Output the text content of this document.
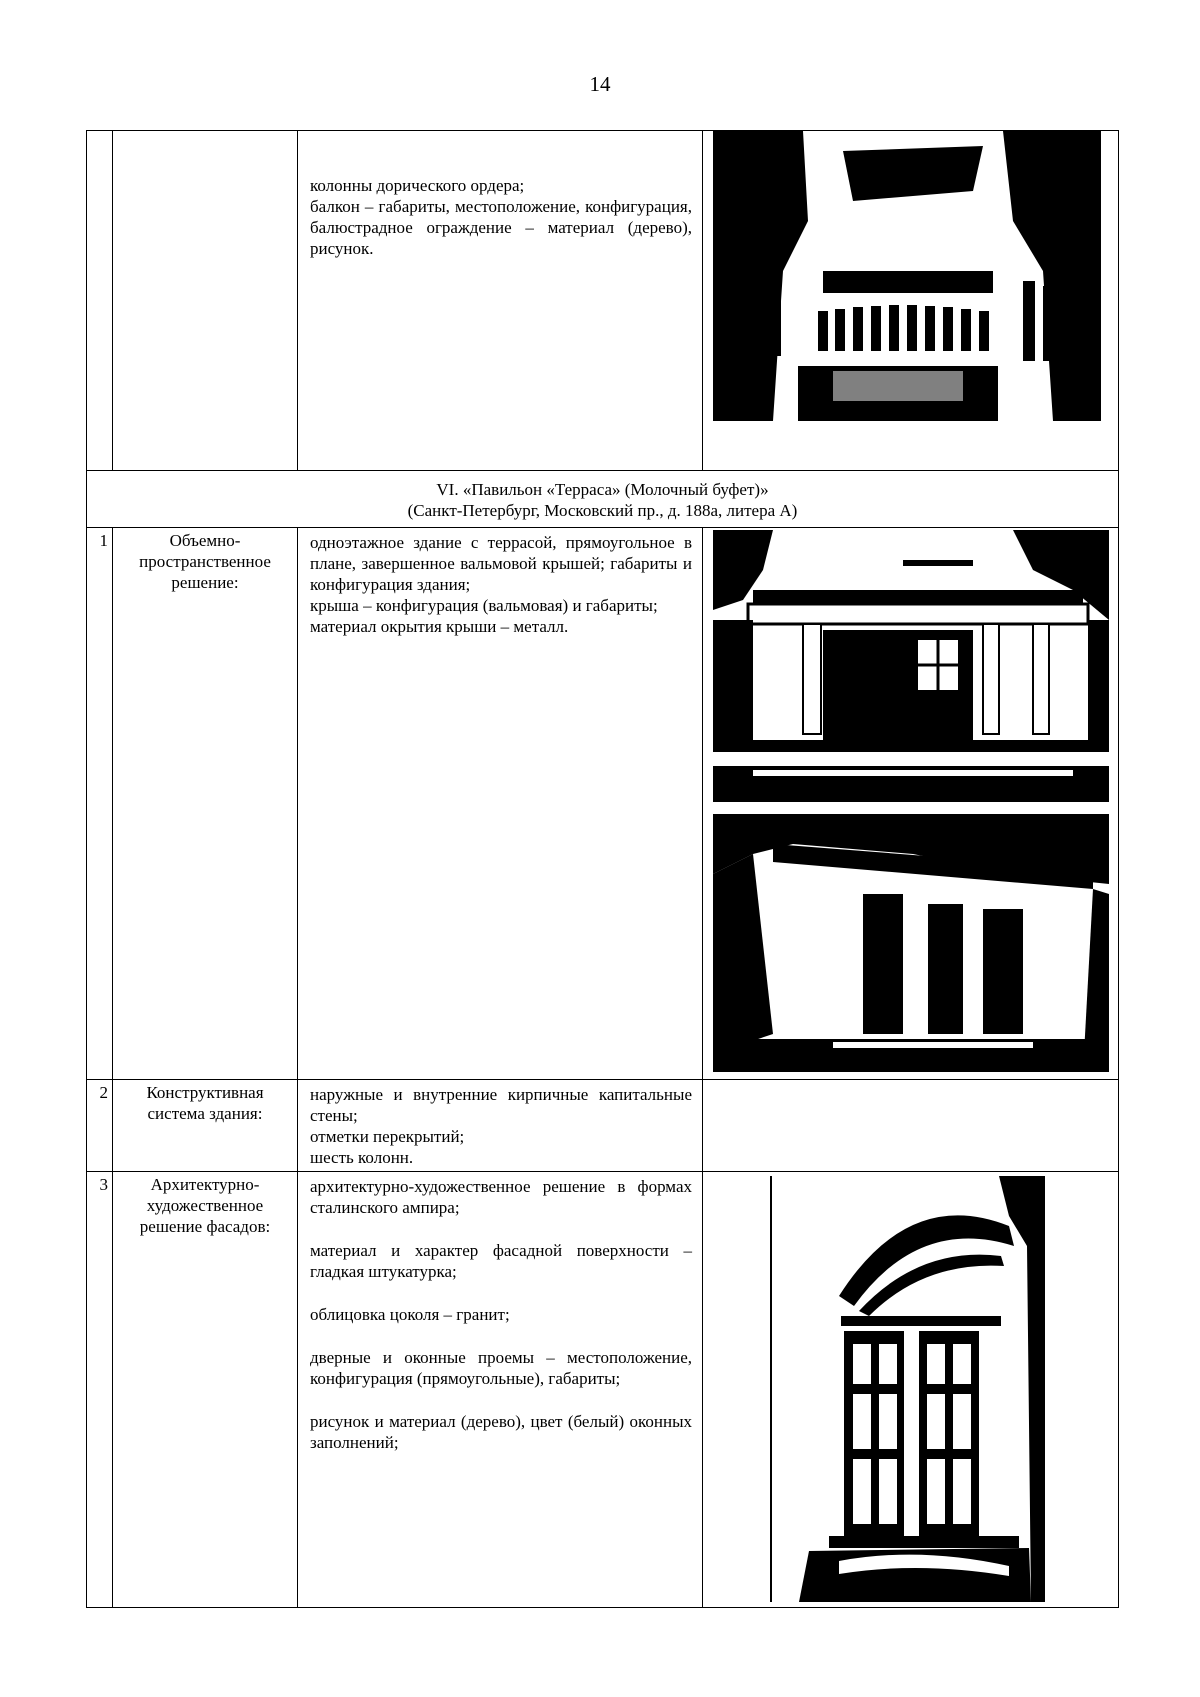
14

		колонны дорического ордера;

балкон – габариты, местоположение, конфигурация, балюстрадное ограждение – материал (дерево), рисунок.

VI. «Павильон «Терраса» (Молочный буфет)»
(Санкт-Петербург, Московский пр., д. 188а, литера А)			

1	Объемно-пространственное решение:	одноэтажное здание с террасой, прямоугольное в плане, завершенное вальмовой крышей; габариты и конфигурация здания;

крыша – конфигурация (вальмовая) и габариты;

материал окрытия крыши – металл.

2	Конструктивная система здания:	наружные и внутренние кирпичные капитальные стены;

отметки перекрытий;

шесть колонн.	

3	Архитектурно-художественное решение фасадов:	архитектурно-художественное решение в формах сталинского ампира;

материал и характер фасадной поверхности – гладкая штукатурка;

облицовка цоколя – гранит;

дверные и оконные проемы – местоположение, конфигурация (прямоугольные), габариты;

рисунок и материал (дерево), цвет (белый) оконных заполнений;
